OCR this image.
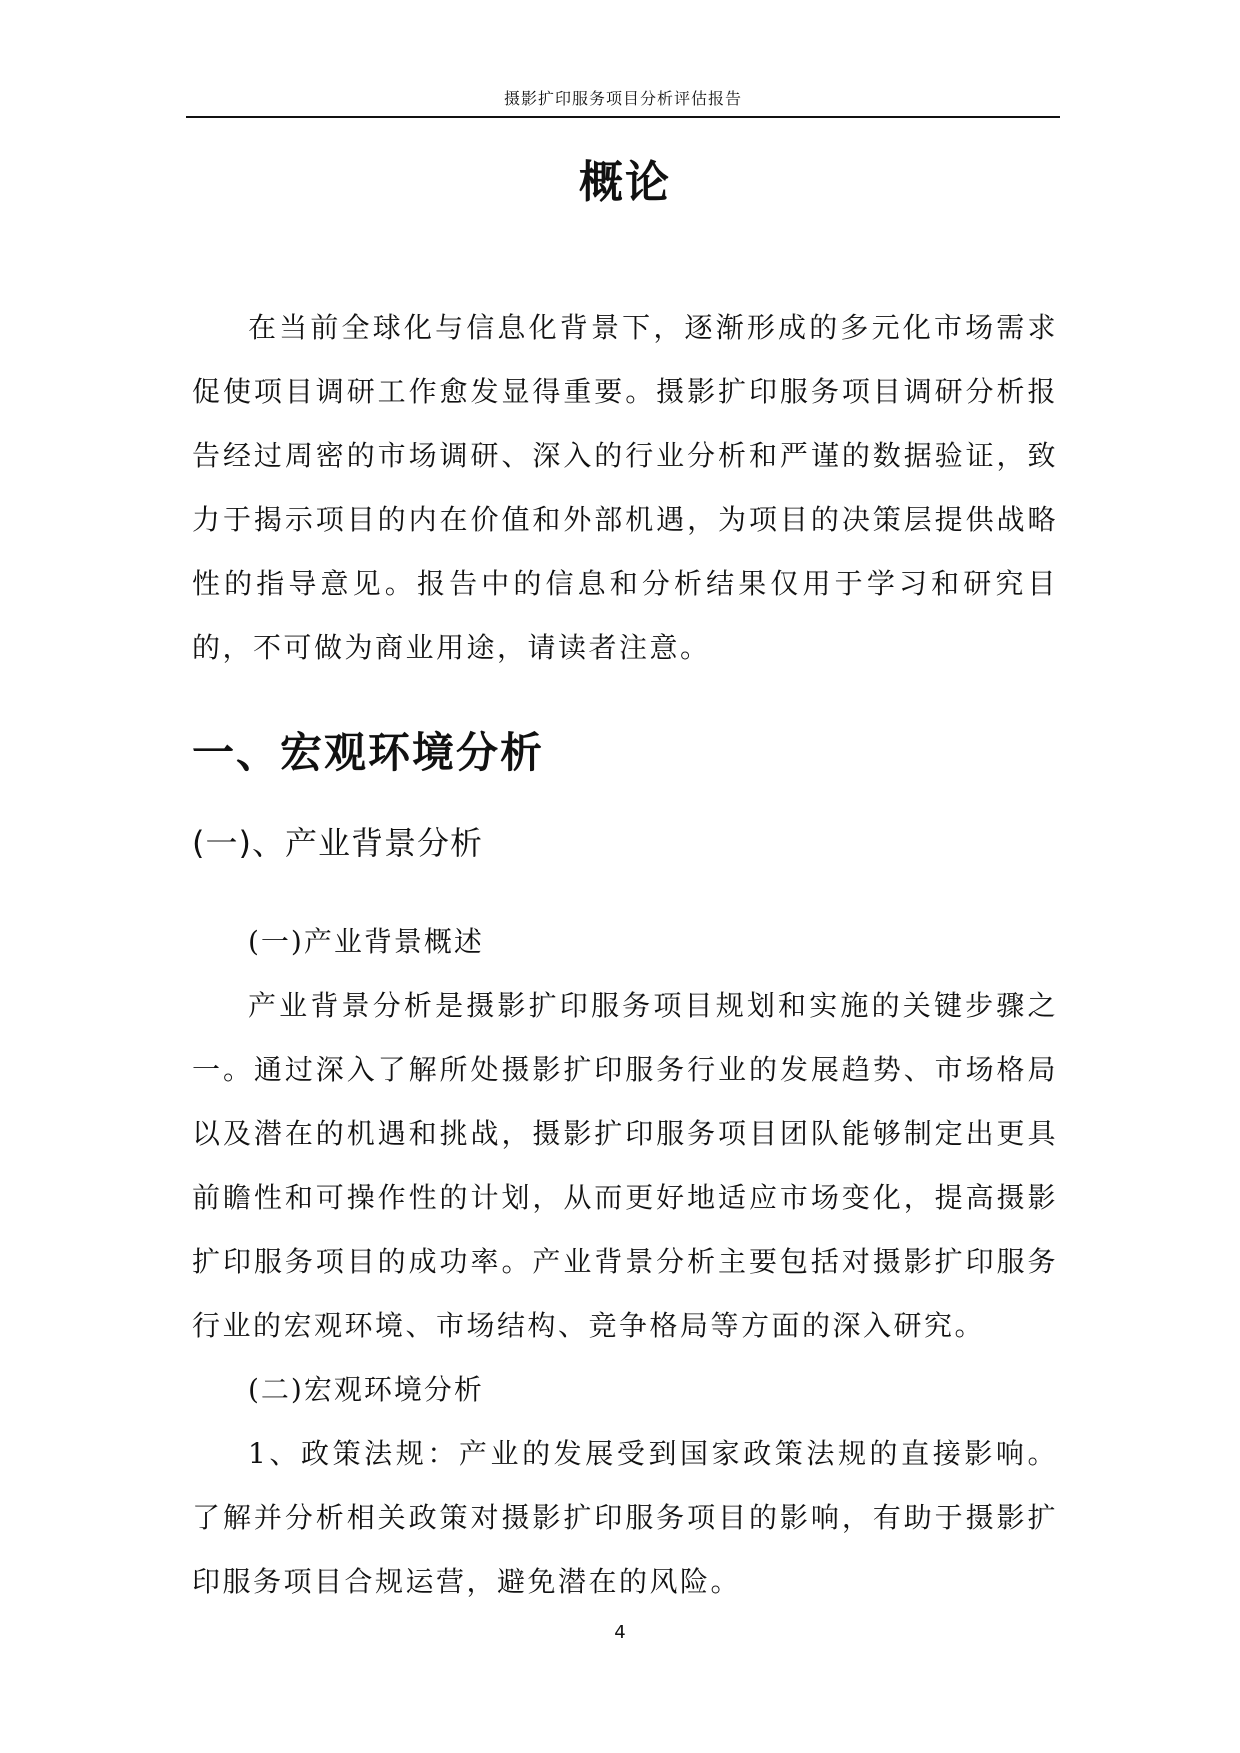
摄影扩印服务项目分析评估报告
概论

在当前全球化与信息化背景下，逐渐形成的多元化市场需求促使项目调研工作愈发显得重要。摄影扩印服务项目调研分析报告经过周密的市场调研、深入的行业分析和严谨的数据验证，致力于揭示项目的内在价值和外部机遇，为项目的决策层提供战略性的指导意见。报告中的信息和分析结果仅用于学习和研究目的，不可做为商业用途，请读者注意。

一、宏观环境分析
(一)、产业背景分析

(一)产业背景概述

产业背景分析是摄影扩印服务项目规划和实施的关键步骤之一。通过深入了解所处摄影扩印服务行业的发展趋势、市场格局以及潜在的机遇和挑战，摄影扩印服务项目团队能够制定出更具前瞻性和可操作性的计划，从而更好地适应市场变化，提高摄影扩印服务项目的成功率。产业背景分析主要包括对摄影扩印服务行业的宏观环境、市场结构、竞争格局等方面的深入研究。

(二)宏观环境分析

1、政策法规：产业的发展受到国家政策法规的直接影响。了解并分析相关政策对摄影扩印服务项目的影响，有助于摄影扩印服务项目合规运营，避免潜在的风险。

4
